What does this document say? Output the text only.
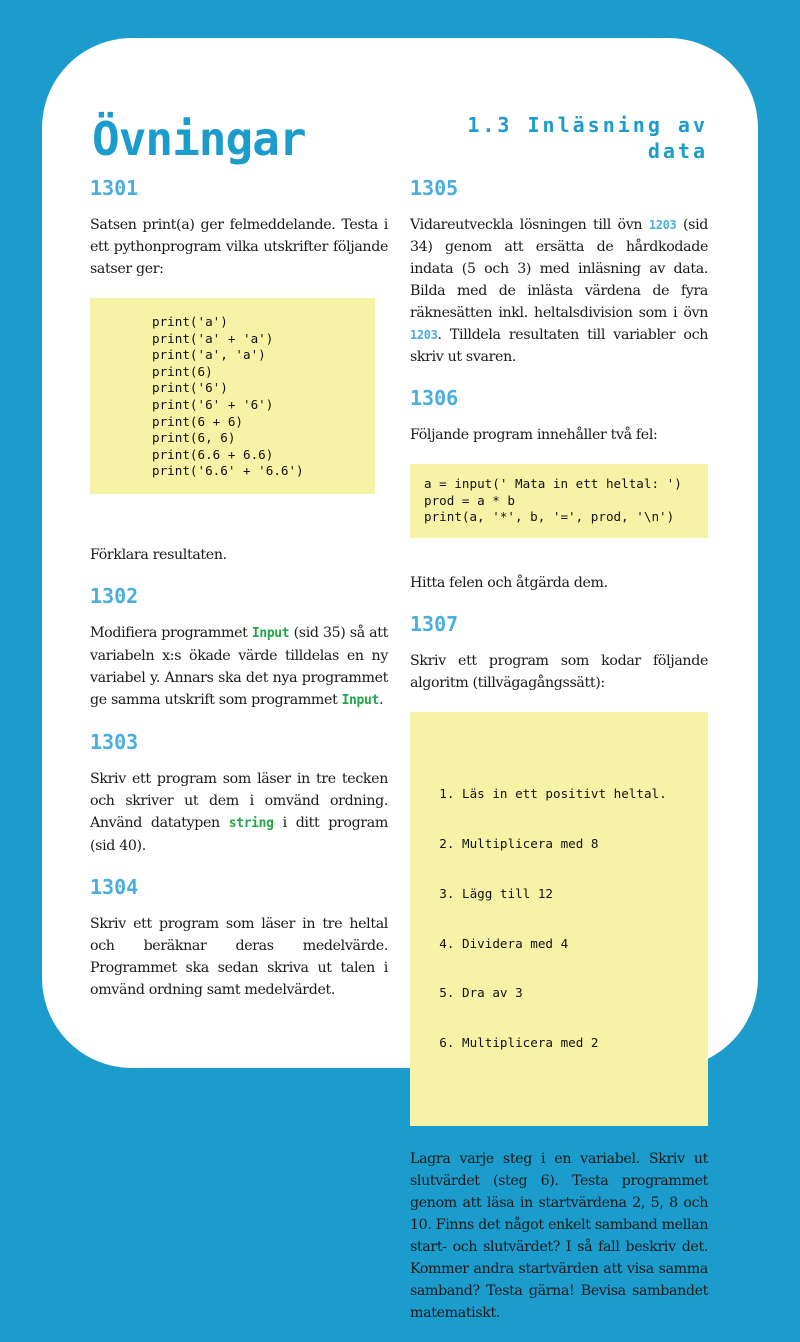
Övningar	1.3 Inläsning av data
1301

Satsen print(a) ger felmeddelande. Testa i ett pythonprogram vilka utskrifter följande satser ger:

print('a')
print('a' + 'a')
print('a', 'a')
print(6)
print('6')
print('6' + '6')
print(6 + 6)
print(6, 6)
print(6.6 + 6.6)
print('6.6' + '6.6')

Förklara resultaten.

1302

Modifiera programmet Input (sid 35) så att variabeln x:s ökade värde tilldelas en ny variabel y. Annars ska det nya programmet ge samma utskrift som programmet Input.

1303

Skriv ett program som läser in tre tecken och skriver ut dem i omvänd ordning. Använd datatypen string i ditt program (sid 40).

1304

Skriv ett program som läser in tre heltal och beräknar deras medelvärde. Programmet ska sedan skriva ut talen i omvänd ordning samt medelvärdet.

1305

Vidareutveckla lösningen till övn 1203 (sid 34) genom att ersätta de hårdkodade indata (5 och 3) med inläsning av data. Bilda med de inlästa värdena de fyra räknesätten inkl. heltalsdivision som i övn 1203. Tilldela resultaten till variabler och skriv ut svaren.

1306

Följande program innehåller två fel:

a = input(' Mata in ett heltal: ')
prod = a * b
print(a, '*', b, '=', prod, '\n')

Hitta felen och åtgärda dem.

1307

Skriv ett program som kodar följande algoritm (tillvägagångssätt):

1. Läs in ett positivt heltal.

2. Multiplicera med 8

3. Lägg till 12

4. Dividera med 4

5. Dra av 3

6. Multiplicera med 2

Lagra varje steg i en variabel. Skriv ut slutvärdet (steg 6). Testa programmet genom att läsa in startvärdena 2, 5, 8 och 10. Finns det något enkelt samband mellan start- och slutvärdet? I så fall beskriv det. Kommer andra startvärden att visa samma samband? Testa gärna! Bevisa sambandet matematiskt.
